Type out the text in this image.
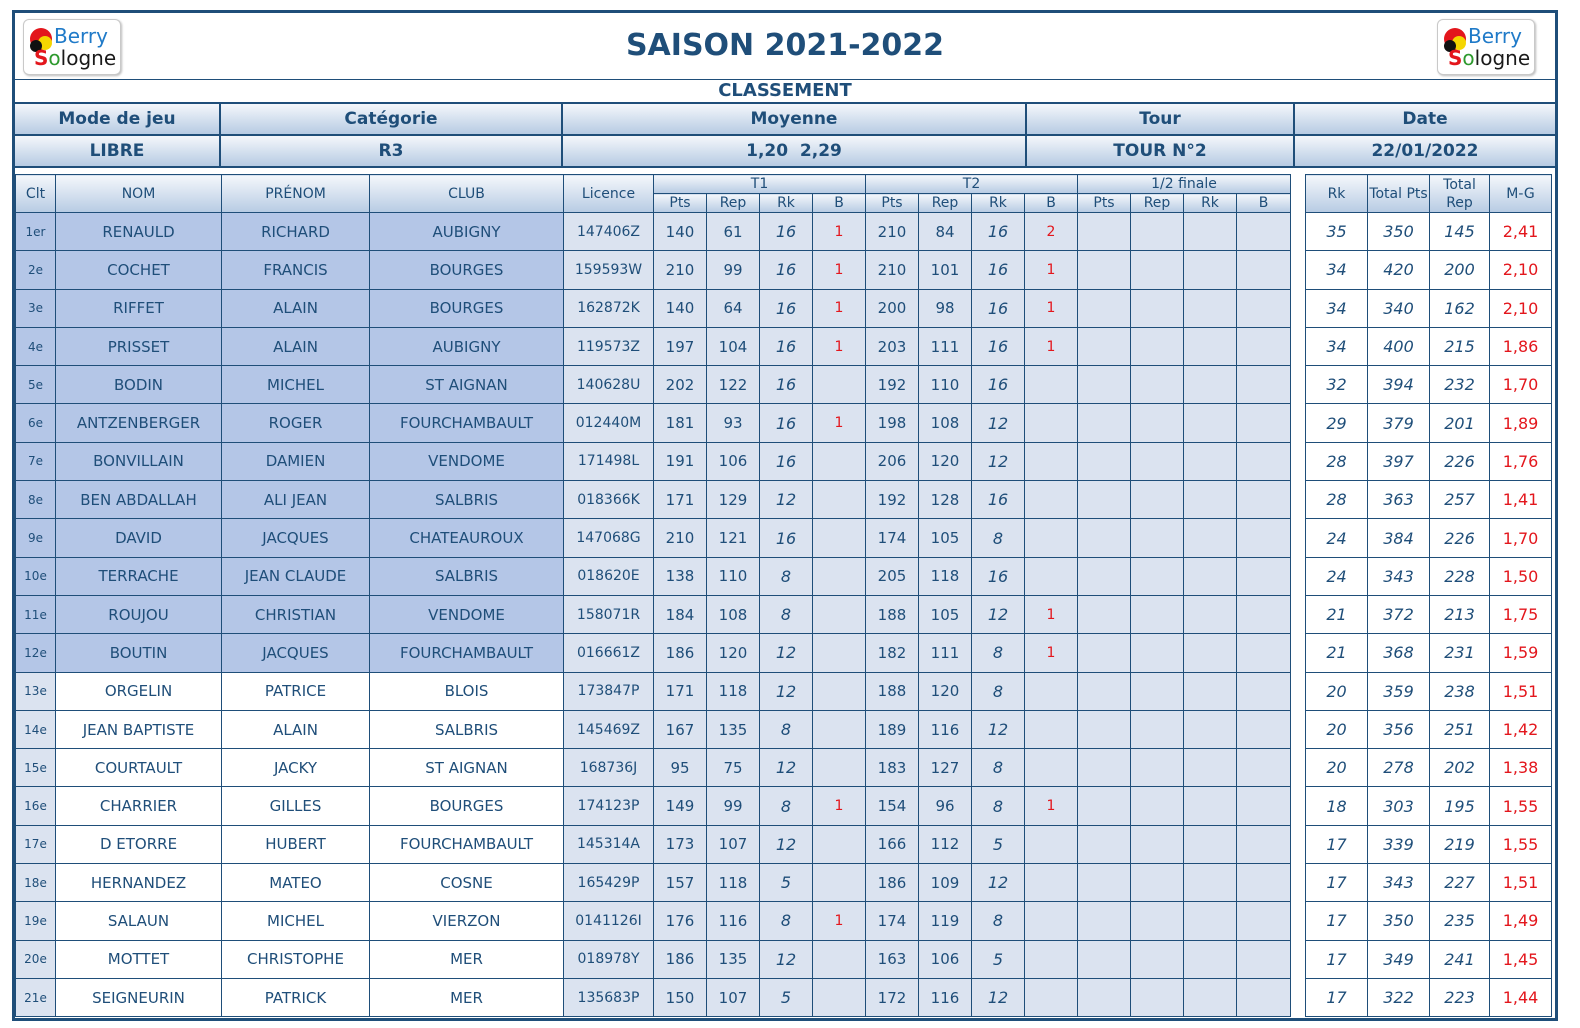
SAISON 2021-2022
Berry
Sologne
Berry
Sologne
CLASSEMENT
Mode de jeu	Catégorie	Moyenne	Tour	Date
LIBRE	R3	1,20  2,29	TOUR N°2	22/01/2022
Clt	NOM	PRÉNOM	CLUB	Licence	T1				T2				1/2 finale					Rk	Total Pts	Total Rep	M-G
					Pts	Rep	Rk	B	Pts	Rep	Rk	B	Pts	Rep	Rk	B					
1er	RENAULD	RICHARD	AUBIGNY	147406Z	140	61	16	1	210	84	16	2						35	350	145	2,41
2e	COCHET	FRANCIS	BOURGES	159593W	210	99	16	1	210	101	16	1						34	420	200	2,10
3e	RIFFET	ALAIN	BOURGES	162872K	140	64	16	1	200	98	16	1						34	340	162	2,10
4e	PRISSET	ALAIN	AUBIGNY	119573Z	197	104	16	1	203	111	16	1						34	400	215	1,86
5e	BODIN	MICHEL	ST AIGNAN	140628U	202	122	16		192	110	16							32	394	232	1,70
6e	ANTZENBERGER	ROGER	FOURCHAMBAULT	012440M	181	93	16	1	198	108	12							29	379	201	1,89
7e	BONVILLAIN	DAMIEN	VENDOME	171498L	191	106	16		206	120	12							28	397	226	1,76
8e	BEN ABDALLAH	ALI JEAN	SALBRIS	018366K	171	129	12		192	128	16							28	363	257	1,41
9e	DAVID	JACQUES	CHATEAUROUX	147068G	210	121	16		174	105	8							24	384	226	1,70
10e	TERRACHE	JEAN CLAUDE	SALBRIS	018620E	138	110	8		205	118	16							24	343	228	1,50
11e	ROUJOU	CHRISTIAN	VENDOME	158071R	184	108	8		188	105	12	1						21	372	213	1,75
12e	BOUTIN	JACQUES	FOURCHAMBAULT	016661Z	186	120	12		182	111	8	1						21	368	231	1,59
13e	ORGELIN	PATRICE	BLOIS	173847P	171	118	12		188	120	8							20	359	238	1,51
14e	JEAN BAPTISTE	ALAIN	SALBRIS	145469Z	167	135	8		189	116	12							20	356	251	1,42
15e	COURTAULT	JACKY	ST AIGNAN	168736J	95	75	12		183	127	8							20	278	202	1,38
16e	CHARRIER	GILLES	BOURGES	174123P	149	99	8	1	154	96	8	1						18	303	195	1,55
17e	D ETORRE	HUBERT	FOURCHAMBAULT	145314A	173	107	12		166	112	5							17	339	219	1,55
18e	HERNANDEZ	MATEO	COSNE	165429P	157	118	5		186	109	12							17	343	227	1,51
19e	SALAUN	MICHEL	VIERZON	0141126I	176	116	8	1	174	119	8							17	350	235	1,49
20e	MOTTET	CHRISTOPHE	MER	018978Y	186	135	12		163	106	5							17	349	241	1,45
21e	SEIGNEURIN	PATRICK	MER	135683P	150	107	5		172	116	12							17	322	223	1,44
